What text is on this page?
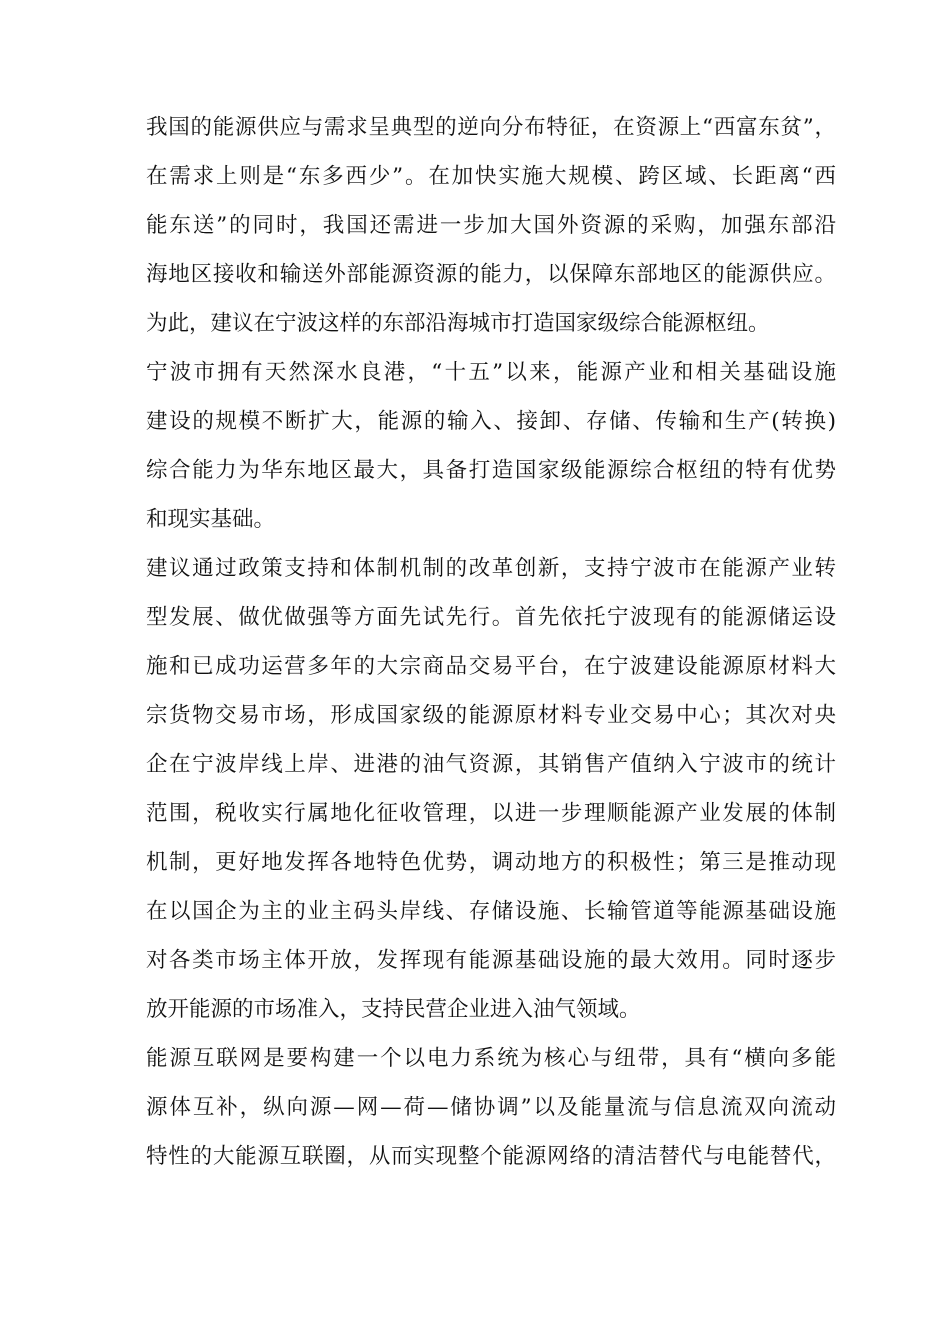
我国的能源供应与需求呈典型的逆向分布特征，在资源上“西富东贫”，
在需求上则是“东多西少”。在加快实施大规模、跨区域、长距离“西
能东送”的同时，我国还需进一步加大国外资源的采购，加强东部沿
海地区接收和输送外部能源资源的能力，以保障东部地区的能源供应。
为此，建议在宁波这样的东部沿海城市打造国家级综合能源枢纽。
宁波市拥有天然深水良港，“十五”以来，能源产业和相关基础设施
建设的规模不断扩大，能源的输入、接卸、存储、传输和生产(转换)
综合能力为华东地区最大，具备打造国家级能源综合枢纽的特有优势
和现实基础。
建议通过政策支持和体制机制的改革创新，支持宁波市在能源产业转
型发展、做优做强等方面先试先行。首先依托宁波现有的能源储运设
施和已成功运营多年的大宗商品交易平台，在宁波建设能源原材料大
宗货物交易市场，形成国家级的能源原材料专业交易中心；其次对央
企在宁波岸线上岸、进港的油气资源，其销售产值纳入宁波市的统计
范围，税收实行属地化征收管理，以进一步理顺能源产业发展的体制
机制，更好地发挥各地特色优势，调动地方的积极性；第三是推动现
在以国企为主的业主码头岸线、存储设施、长输管道等能源基础设施
对各类市场主体开放，发挥现有能源基础设施的最大效用。同时逐步
放开能源的市场准入，支持民营企业进入油气领域。
能源互联网是要构建一个以电力系统为核心与纽带，具有“横向多能
源体互补，纵向源—网—荷—储协调”以及能量流与信息流双向流动
特性的大能源互联圈，从而实现整个能源网络的清洁替代与电能替代，
